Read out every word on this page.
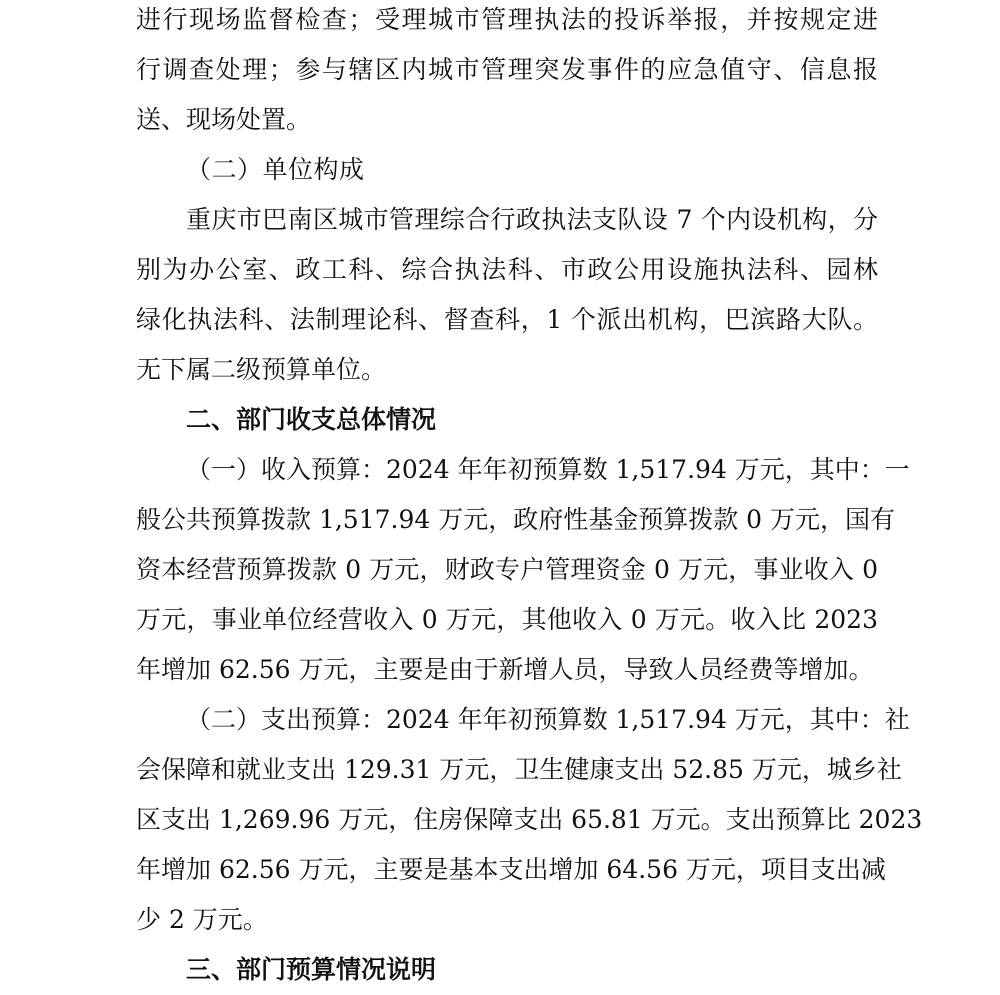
进行现场监督检查；受理城市管理执法的投诉举报，并按规定进
行调查处理；参与辖区内城市管理突发事件的应急值守、信息报
送、现场处置。
（二）单位构成
重庆市巴南区城市管理综合行政执法支队设 7 个内设机构，分
别为办公室、政工科、综合执法科、市政公用设施执法科、园林
绿化执法科、法制理论科、督查科，1 个派出机构，巴滨路大队。
无下属二级预算单位。
二、部门收支总体情况
（一）收入预算：2024 年年初预算数 1,517.94 万元，其中：一
般公共预算拨款 1,517.94 万元，政府性基金预算拨款 0 万元，国有
资本经营预算拨款 0 万元，财政专户管理资金 0 万元，事业收入 0
万元，事业单位经营收入 0 万元，其他收入 0 万元。收入比 2023
年增加 62.56 万元，主要是由于新增人员，导致人员经费等增加。
（二）支出预算：2024 年年初预算数 1,517.94 万元，其中：社
会保障和就业支出 129.31 万元，卫生健康支出 52.85 万元，城乡社
区支出 1,269.96 万元，住房保障支出 65.81 万元。支出预算比 2023
年增加 62.56 万元，主要是基本支出增加 64.56 万元，项目支出减
少 2 万元。
三、部门预算情况说明
